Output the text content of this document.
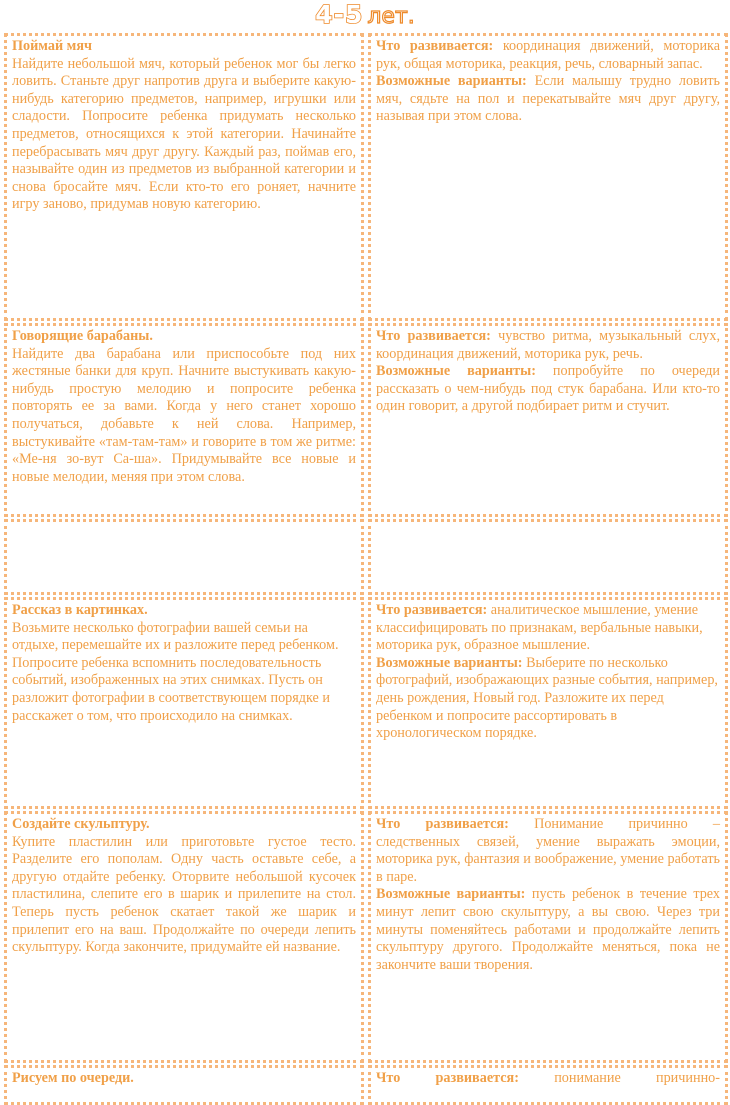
4-5 лет.
Поймай мяч
Найдите небольшой мяч, который ребенок мог бы легко ловить. Станьте друг напротив друга и выберите какую-нибудь категорию предметов, например, игрушки или сладости. Попросите ребенка придумать несколько предметов, относящихся к этой категории. Начинайте перебрасывать мяч друг другу. Каждый раз, поймав его, называйте один из предметов из выбранной категории и снова бросайте мяч. Если кто-то его роняет, начните игру заново, придумав новую категорию.
Что развивается: координация движений, моторика рук, общая моторика, реакция, речь, словарный запас.
Возможные варианты: Если малышу трудно ловить мяч, сядьте на пол и перекатывайте мяч друг другу, называя при этом слова.
Говорящие барабаны.
Найдите два барабана или приспособьте под них жестяные банки для круп. Начните выстукивать какую-нибудь простую мелодию и попросите ребенка повторять ее за вами. Когда у него станет хорошо получаться, добавьте к ней слова. Например, выстукивайте «там-там-там» и говорите в том же ритме: «Ме-ня зо-вут Са-ша». Придумывайте все новые и новые мелодии, меняя при этом слова.
Что развивается: чувство ритма, музыкальный слух, координация движений, моторика рук, речь.
Возможные варианты: попробуйте по очереди рассказать о чем-нибудь под стук барабана. Или кто-то один говорит, а другой подбирает ритм и стучит.
Рассказ в картинках.
Возьмите несколько фотографии вашей семьи на отдыхе, перемешайте их и разложите перед ребенком. Попросите ребенка вспомнить последовательность событий, изображенных на этих снимках. Пусть он разложит фотографии в соответствующем порядке и расскажет о том, что происходило на снимках.
Что развивается: аналитическое мышление, умение классифицировать по признакам, вербальные навыки, моторика рук, образное мышление.
Возможные варианты: Выберите по несколько фотографий, изображающих разные события, например, день рождения, Новый год. Разложите их перед ребенком и попросите рассортировать в хронологическом порядке.
Создайте скульптуру.
Купите пластилин или приготовьте густое тесто. Разделите его пополам. Одну часть оставьте себе, а другую отдайте ребенку. Оторвите небольшой кусочек пластилина, слепите его в шарик и прилепите на стол. Теперь пусть ребенок скатает такой же шарик и прилепит его на ваш. Продолжайте по очереди лепить скульптуру. Когда закончите, придумайте ей название.
Что развивается: Понимание причинно – следственных связей, умение выражать эмоции, моторика рук, фантазия и воображение, умение работать в паре.
Возможные варианты: пусть ребенок в течение трех минут лепит свою скульптуру, а вы свою. Через три минуты поменяйтесь работами и продолжайте лепить скульптуру другого. Продолжайте меняться, пока не закончите ваши творения.
Рисуем по очереди.	Что развивается: понимание причинно-
